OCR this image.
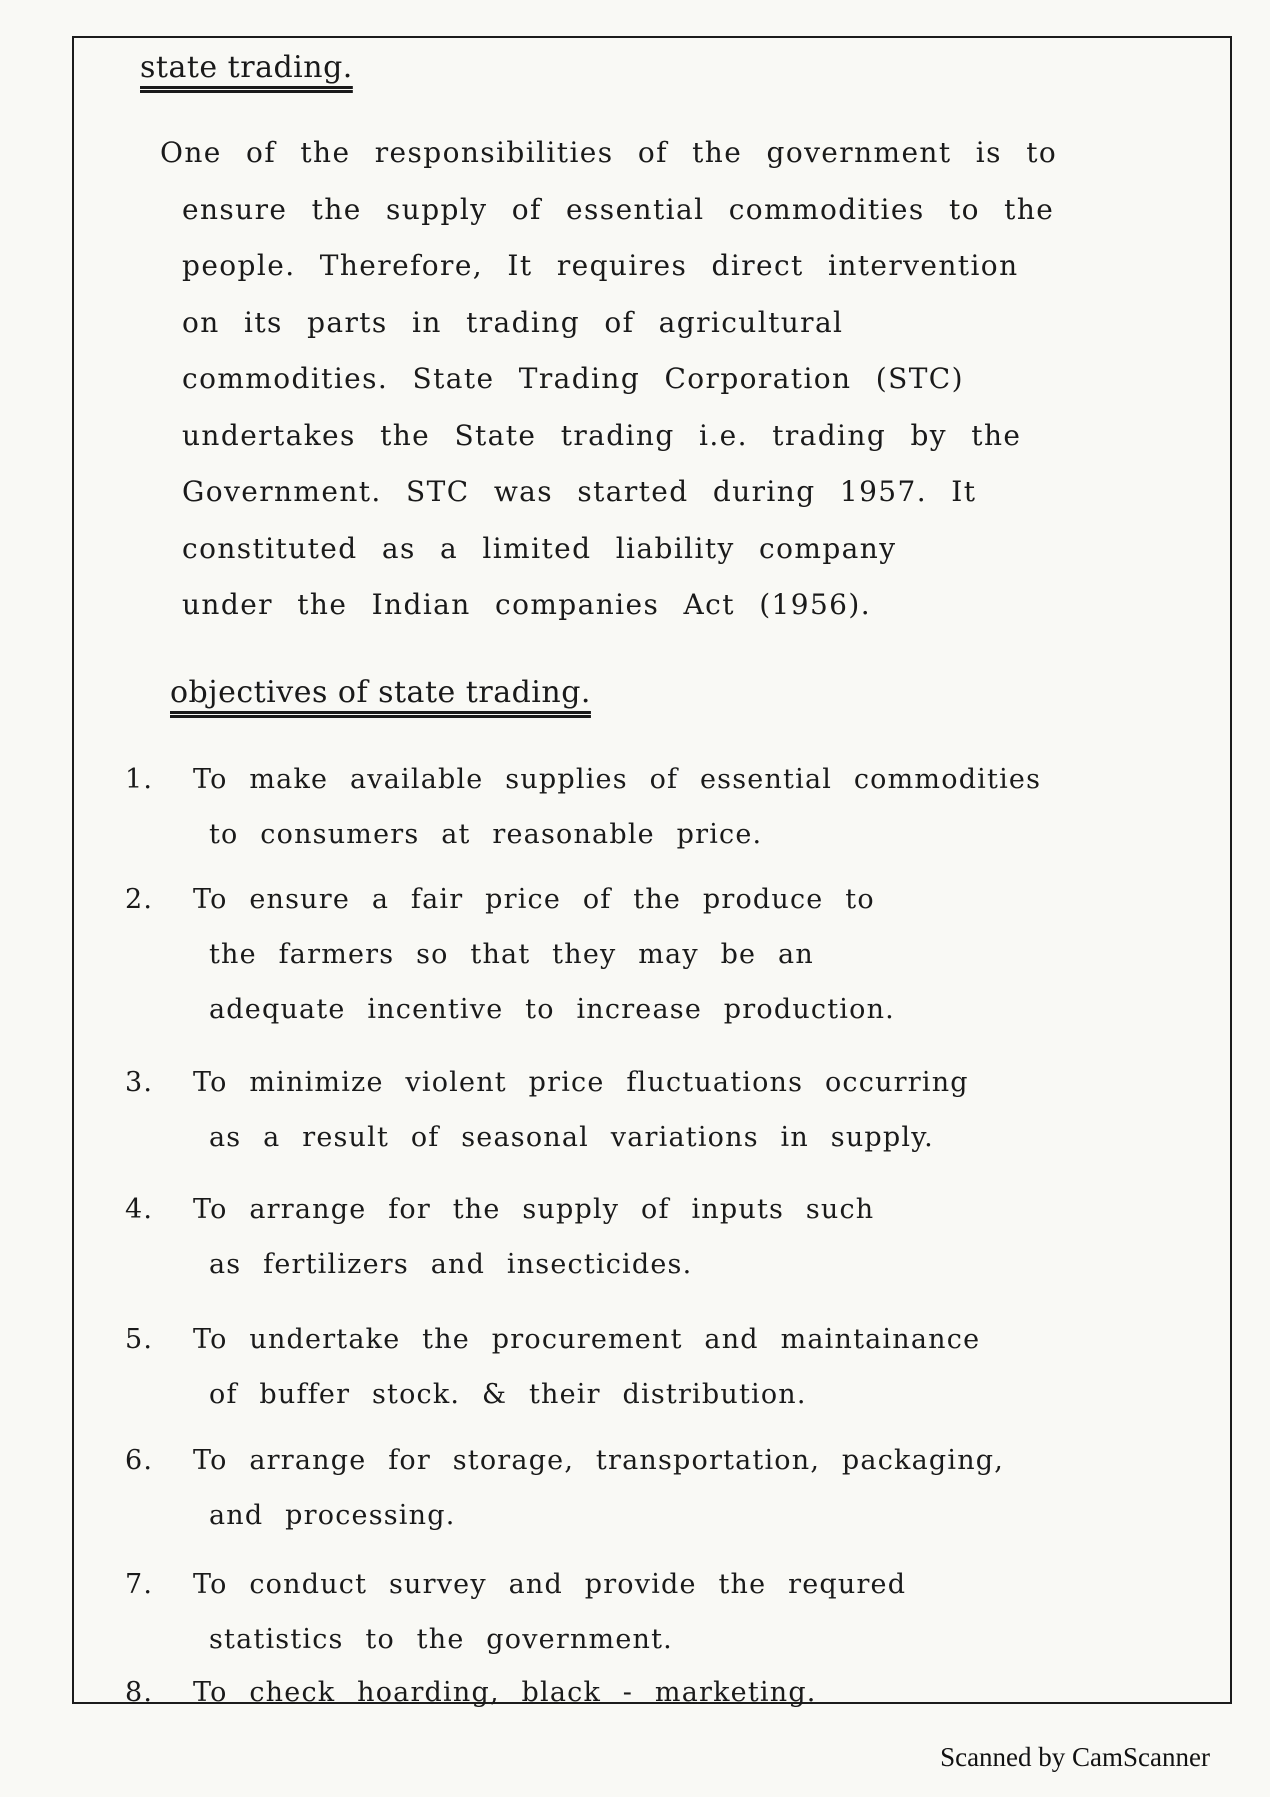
state trading.
One of the responsibilities of the government is to
ensure the supply of essential commodities to the
people. Therefore, It requires direct intervention
on its parts in trading of agricultural
commodities. State Trading Corporation (STC)
undertakes the State trading i.e. trading by the
Government. STC was started during 1957. It
constituted as a limited liability company
under the Indian companies Act (1956).
objectives of state trading.
1.	To make available supplies of essential commodities
to consumers at reasonable price.
2.	To ensure a fair price of the produce to
the farmers so that they may be an
adequate incentive to increase production.
3.	To minimize violent price fluctuations occurring
as a result of seasonal variations in supply.
4.	To arrange for the supply of inputs such
as fertilizers and insecticides.
5.	To undertake the procurement and maintainance
of buffer stock. & their distribution.
6.	To arrange for storage, transportation, packaging,
and processing.
7.	To conduct survey and provide the requred
statistics to the government.
8.	To check hoarding, black - marketing.
Scanned by CamScanner
